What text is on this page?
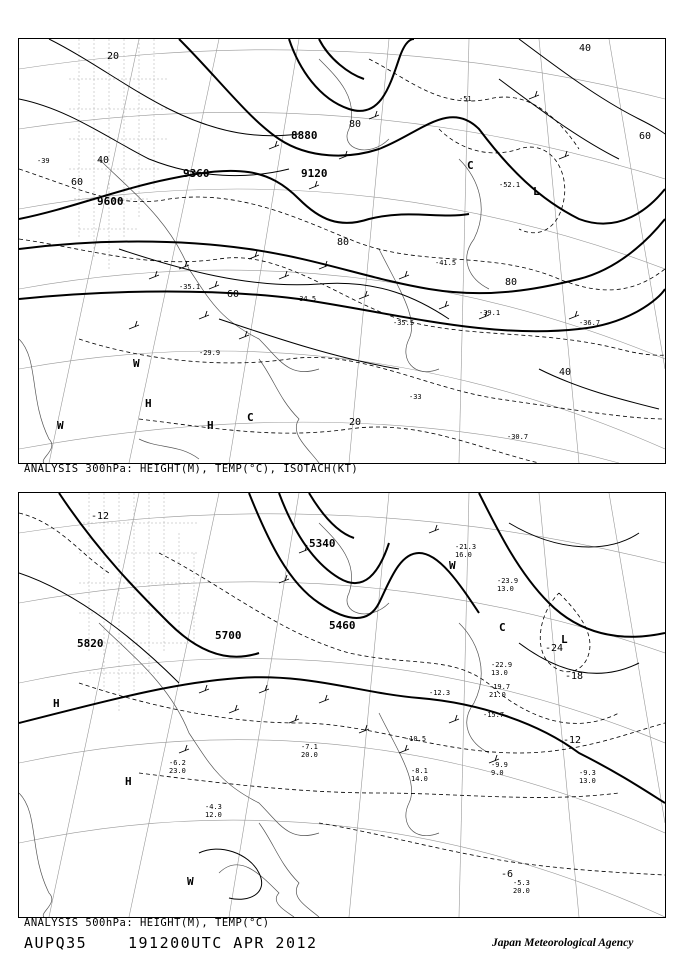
9600
9360	9120
8880
20
40
60
80
20
40
60
80
40
60
80
-39
-33
-51
-52.1
-41.5
-39.1
-36.7
-35.5
-34.5
-35.1
-30.7
-29.9
H
H
W
W
L
C
C
ANALYSIS 300hPa: HEIGHT(M), TEMP(°C), ISOTACH(KT)
5820
5700
5340
5460
-12
-18
-24
-12
-6
-21.3
16.0
-23.9
13.0
-22.9
13.0
-19.7
21.0
-15.7
-12.3
-10.5
-8.1
14.0
-9.9
9.0	-9.3
13.0
-5.3
20.0
-4.3
12.0
-6.2
23.0
-7.1
20.0
H
H
W
W
L
C
ANALYSIS 500hPa: HEIGHT(M), TEMP(°C)
AUPQ35	191200UTC APR 2012	Japan Meteorological Agency
